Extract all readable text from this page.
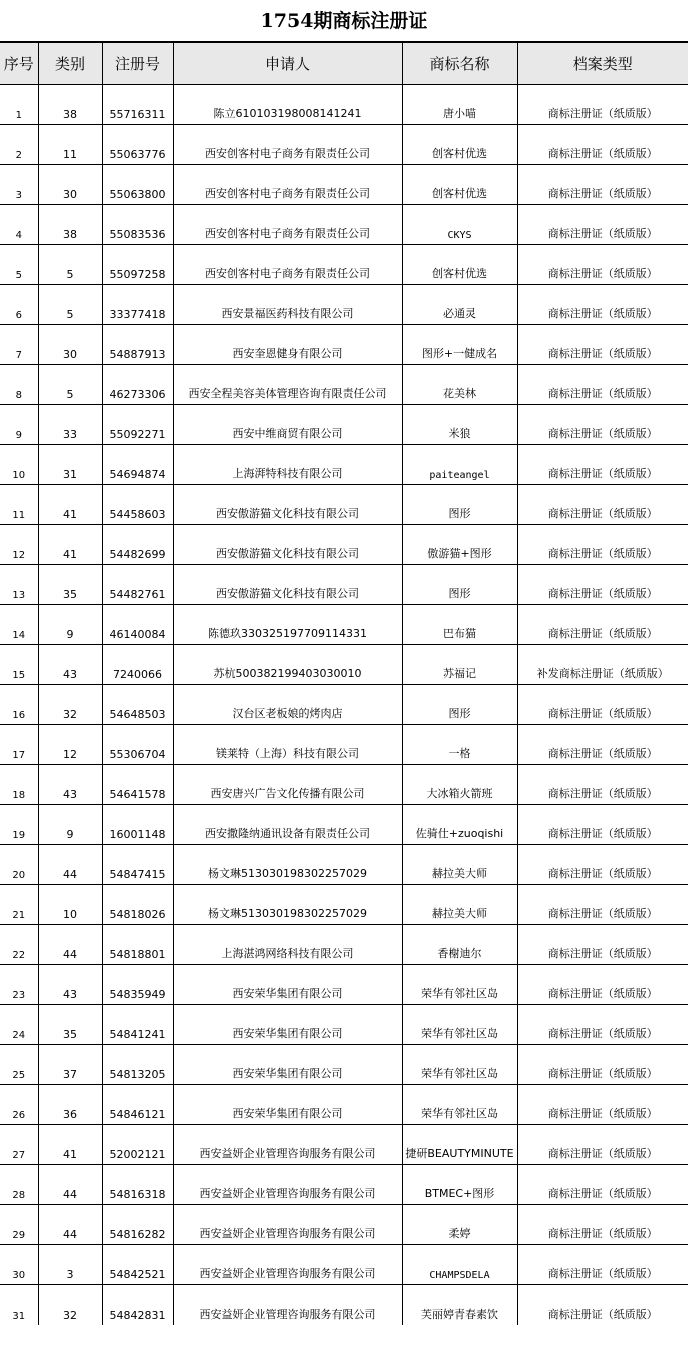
1754期商标注册证
序号	类别	注册号	申请人	商标名称	档案类型
1	38	55716311	陈立610103198008141241	唐小喵	商标注册证（纸质版）
2	11	55063776	西安创客村电子商务有限责任公司	创客村优选	商标注册证（纸质版）
3	30	55063800	西安创客村电子商务有限责任公司	创客村优选	商标注册证（纸质版）
4	38	55083536	西安创客村电子商务有限责任公司	CKYS	商标注册证（纸质版）
5	5	55097258	西安创客村电子商务有限责任公司	创客村优选	商标注册证（纸质版）
6	5	33377418	西安景福医药科技有限公司	必通灵	商标注册证（纸质版）
7	30	54887913	西安奎恩健身有限公司	图形+一健成名	商标注册证（纸质版）
8	5	46273306	西安全程美容美体管理咨询有限责任公司	花美林	商标注册证（纸质版）
9	33	55092271	西安中维商贸有限公司	米狼	商标注册证（纸质版）
10	31	54694874	上海湃特科技有限公司	paiteangel	商标注册证（纸质版）
11	41	54458603	西安傲游猫文化科技有限公司	图形	商标注册证（纸质版）
12	41	54482699	西安傲游猫文化科技有限公司	傲游猫+图形	商标注册证（纸质版）
13	35	54482761	西安傲游猫文化科技有限公司	图形	商标注册证（纸质版）
14	9	46140084	陈德玖330325197709114331	巴布猫	商标注册证（纸质版）
15	43	7240066	苏杭500382199403030010	苏福记	补发商标注册证（纸质版）
16	32	54648503	汉台区老板娘的烤肉店	图形	商标注册证（纸质版）
17	12	55306704	镁莱特（上海）科技有限公司	一格	商标注册证（纸质版）
18	43	54641578	西安唐兴广告文化传播有限公司	大冰箱火箭班	商标注册证（纸质版）
19	9	16001148	西安撒隆纳通讯设备有限责任公司	佐骑仕+zuoqishi	商标注册证（纸质版）
20	44	54847415	杨文琳513030198302257029	赫拉美大师	商标注册证（纸质版）
21	10	54818026	杨文琳513030198302257029	赫拉美大师	商标注册证（纸质版）
22	44	54818801	上海湛鸿网络科技有限公司	香榭迪尔	商标注册证（纸质版）
23	43	54835949	西安荣华集团有限公司	荣华有邻社区岛	商标注册证（纸质版）
24	35	54841241	西安荣华集团有限公司	荣华有邻社区岛	商标注册证（纸质版）
25	37	54813205	西安荣华集团有限公司	荣华有邻社区岛	商标注册证（纸质版）
26	36	54846121	西安荣华集团有限公司	荣华有邻社区岛	商标注册证（纸质版）
27	41	52002121	西安益妍企业管理咨询服务有限公司	捷研BEAUTYMINUTE	商标注册证（纸质版）
28	44	54816318	西安益妍企业管理咨询服务有限公司	BTMEC+图形	商标注册证（纸质版）
29	44	54816282	西安益妍企业管理咨询服务有限公司	柔婷	商标注册证（纸质版）
30	3	54842521	西安益妍企业管理咨询服务有限公司	CHAMPSDELA	商标注册证（纸质版）
31	32	54842831	西安益妍企业管理咨询服务有限公司	芙丽婷青春素饮	商标注册证（纸质版）
